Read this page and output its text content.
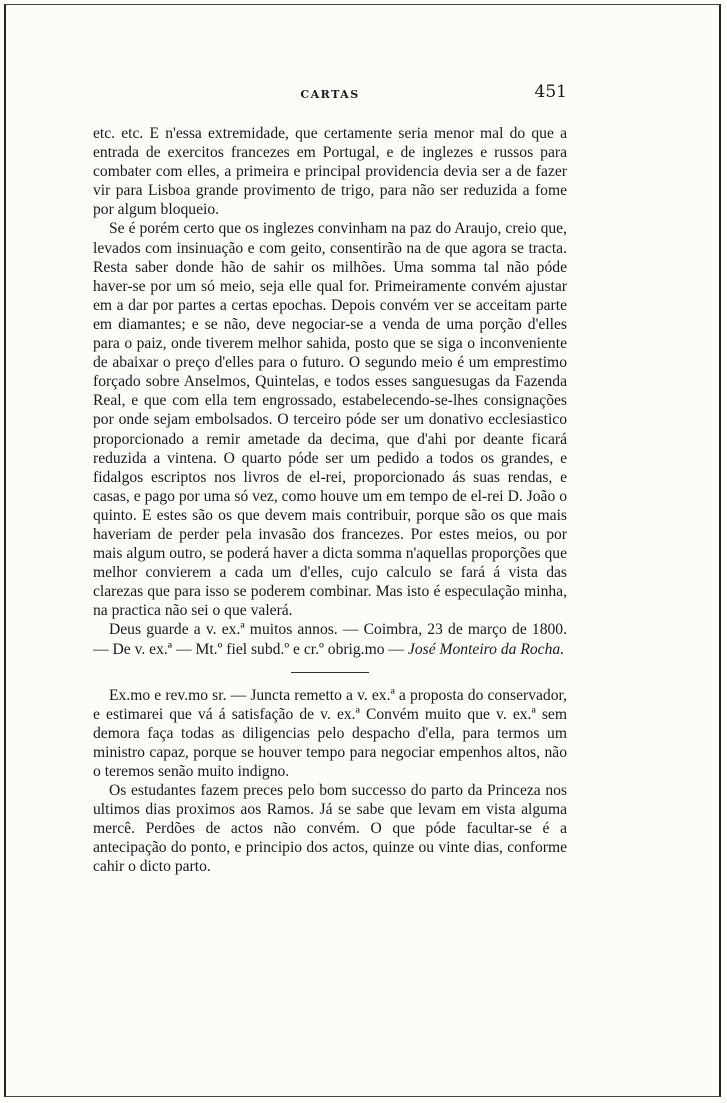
CARTAS	451

etc. etc. E n'essa extremidade, que certamente seria menor mal do que a entrada de exercitos francezes em Portugal, e de inglezes e russos para combater com elles, a primeira e principal providencia devia ser a de fazer vir para Lisboa grande provimento de trigo, para não ser reduzida a fome por algum bloqueio.

Se é porém certo que os inglezes convinham na paz do Araujo, creio que, levados com insinuação e com geito, consentirão na de que agora se tracta. Resta saber donde hão de sahir os milhões. Uma somma tal não póde haver-se por um só meio, seja elle qual for. Primeiramente convém ajustar em a dar por partes a certas epochas. Depois convém ver se acceitam parte em diamantes; e se não, deve negociar-se a venda de uma porção d'elles para o paiz, onde tiverem melhor sahida, posto que se siga o inconveniente de abaixar o preço d'elles para o futuro. O segundo meio é um emprestimo forçado sobre Anselmos, Quintelas, e todos esses sanguesugas da Fazenda Real, e que com ella tem engrossado, estabelecendo-se-lhes consignações por onde sejam embolsados. O terceiro póde ser um donativo ecclesiastico proporcionado a remir ametade da decima, que d'ahi por deante ficará reduzida a vintena. O quarto póde ser um pedido a todos os grandes, e fidalgos escriptos nos livros de el-rei, proporcionado ás suas rendas, e casas, e pago por uma só vez, como houve um em tempo de el-rei D. João o quinto. E estes são os que devem mais contribuir, porque são os que mais haveriam de perder pela invasão dos francezes. Por estes meios, ou por mais algum outro, se poderá haver a dicta somma n'aquellas proporções que melhor convierem a cada um d'elles, cujo calculo se fará á vista das clarezas que para isso se poderem combinar. Mas isto é especulação minha, na practica não sei o que valerá.

Deus guarde a v. ex.ª muitos annos. — Coimbra, 23 de março de 1800. — De v. ex.ª — Mt.º fiel subd.º e cr.º obrig.mo — José Monteiro da Rocha.

Ex.mo e rev.mo sr. — Juncta remetto a v. ex.ª a proposta do conservador, e estimarei que vá á satisfação de v. ex.ª Convém muito que v. ex.ª sem demora faça todas as diligencias pelo despacho d'ella, para termos um ministro capaz, porque se houver tempo para negociar empenhos altos, não o teremos senão muito indigno.

Os estudantes fazem preces pelo bom successo do parto da Princeza nos ultimos dias proximos aos Ramos. Já se sabe que levam em vista alguma mercê. Perdões de actos não convém. O que póde facultar-se é a antecipação do ponto, e principio dos actos, quinze ou vinte dias, conforme cahir o dicto parto.
